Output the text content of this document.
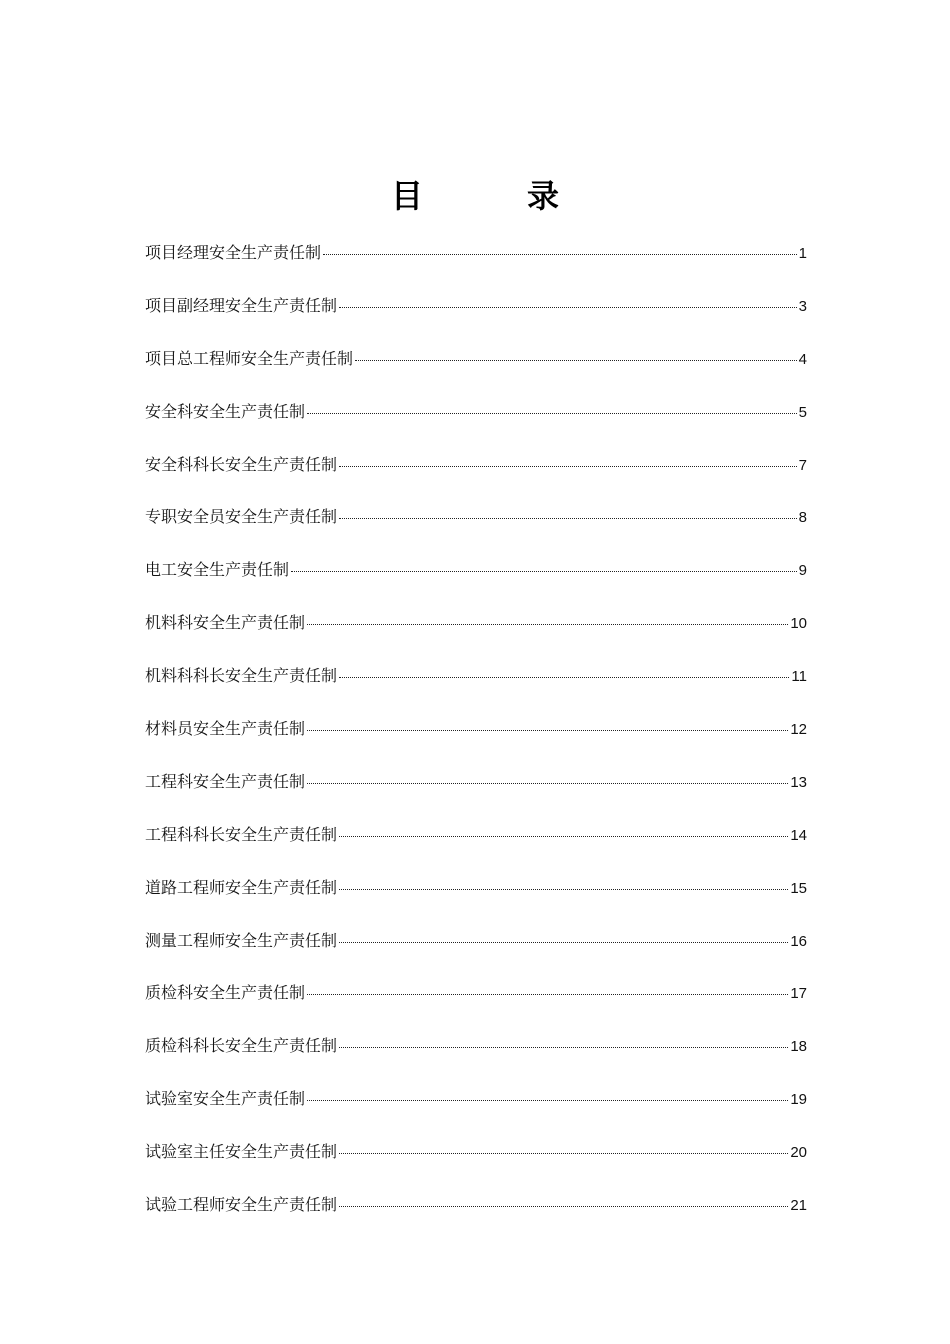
目　录
项目经理安全生产责任制	1
项目副经理安全生产责任制	3
项目总工程师安全生产责任制	4
安全科安全生产责任制	5
安全科科长安全生产责任制	7
专职安全员安全生产责任制	8
电工安全生产责任制	9
机料科安全生产责任制	10
机料科科长安全生产责任制	11
材料员安全生产责任制	12
工程科安全生产责任制	13
工程科科长安全生产责任制	14
道路工程师安全生产责任制	15
测量工程师安全生产责任制	16
质检科安全生产责任制	17
质检科科长安全生产责任制	18
试验室安全生产责任制	19
试验室主任安全生产责任制	20
试验工程师安全生产责任制	21
